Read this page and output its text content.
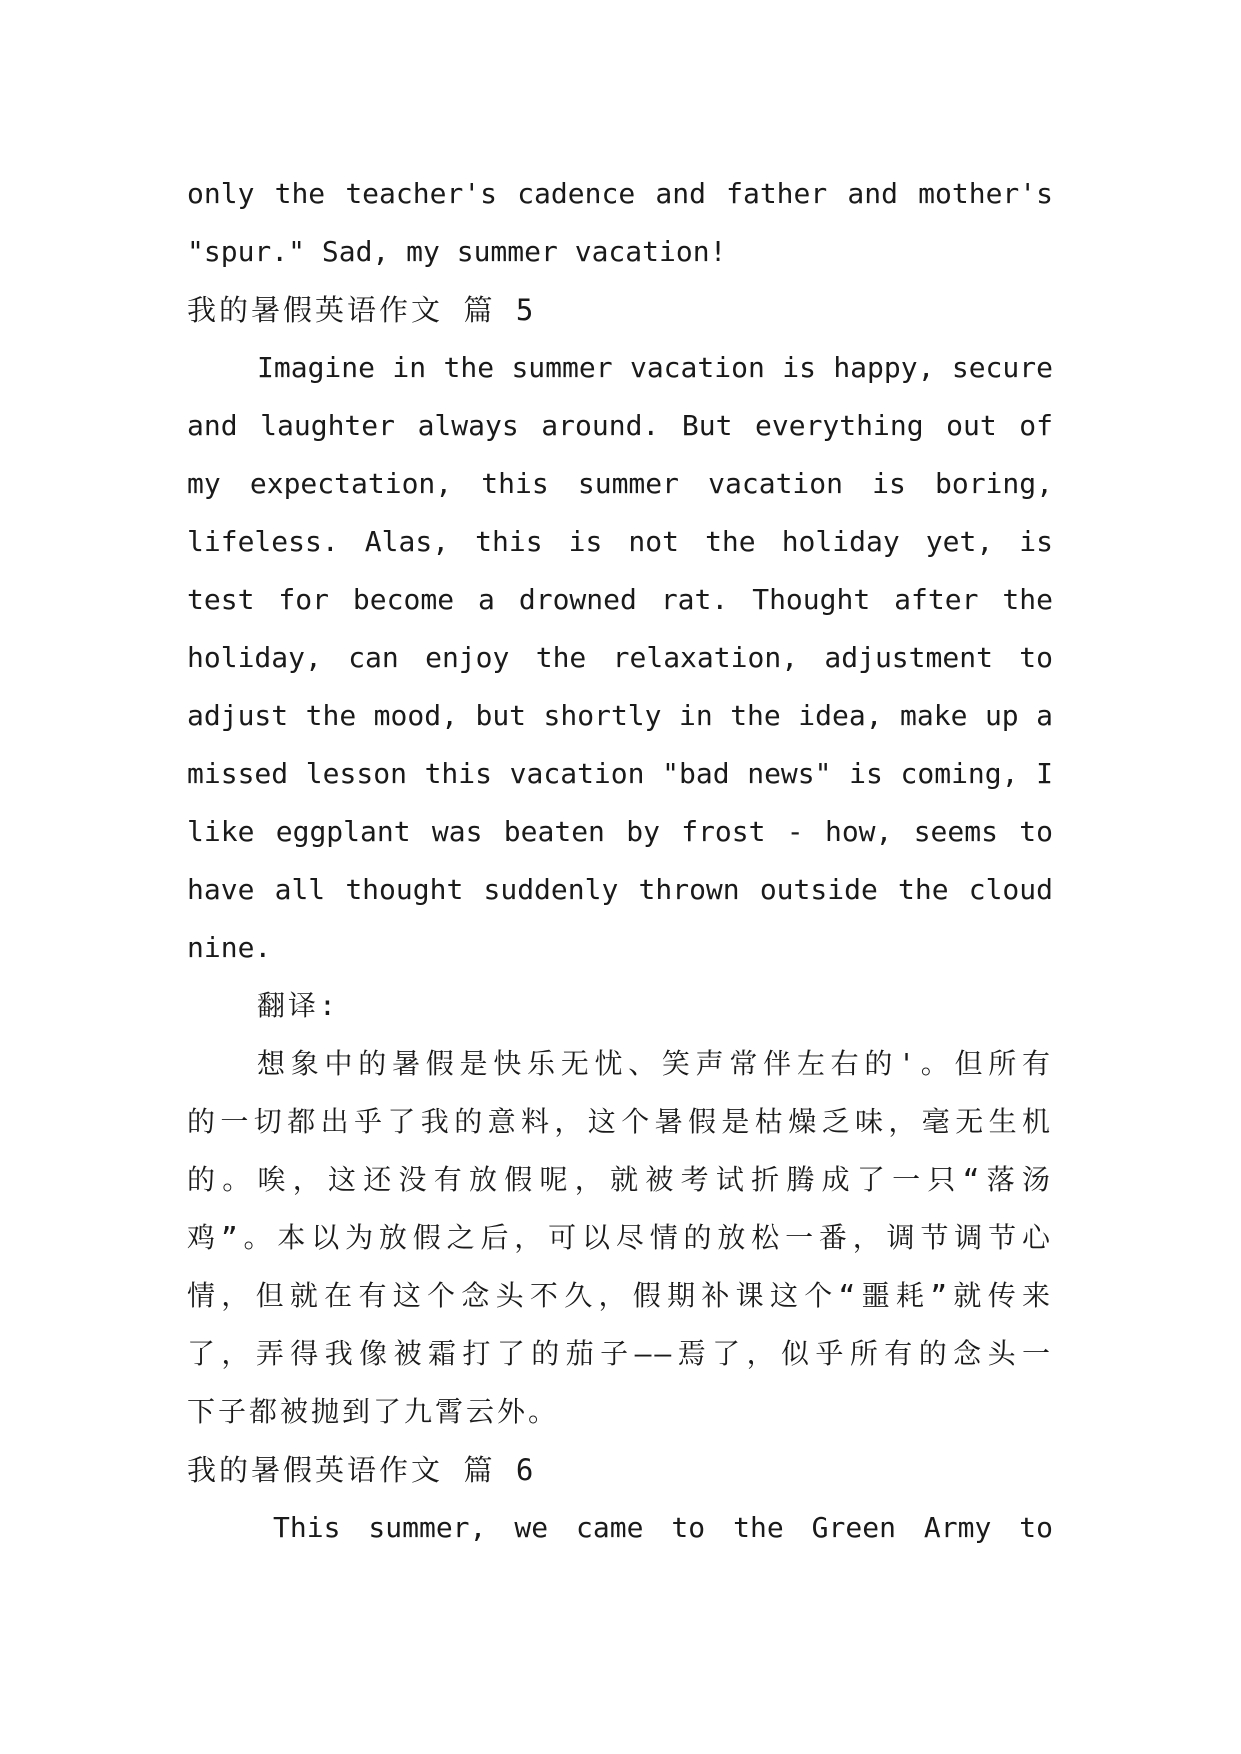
only the teacher's cadence and father and mother's
"spur." Sad, my summer vacation!
我的暑假英语作文 篇 5
Imagine in the summer vacation is happy, secure
and laughter always around. But everything out of
my expectation, this summer vacation is boring,
lifeless. Alas, this is not the holiday yet, is
test for become a drowned rat. Thought after the
holiday, can enjoy the relaxation, adjustment to
adjust the mood, but shortly in the idea, make up a
missed lesson this vacation "bad news" is coming, I
like eggplant was beaten by frost - how, seems to
have all thought suddenly thrown outside the cloud
nine.
翻译:
想象中的暑假是快乐无忧、笑声常伴左右的'。但所有
的一切都出乎了我的意料，这个暑假是枯燥乏味，毫无生机
的。唉，这还没有放假呢，就被考试折腾成了一只“落汤
鸡”。本以为放假之后，可以尽情的放松一番，调节调节心
情，但就在有这个念头不久，假期补课这个“噩耗”就传来
了，弄得我像被霜打了的茄子——焉了，似乎所有的念头一
下子都被抛到了九霄云外。
我的暑假英语作文 篇 6
This summer, we came to the Green Army to
